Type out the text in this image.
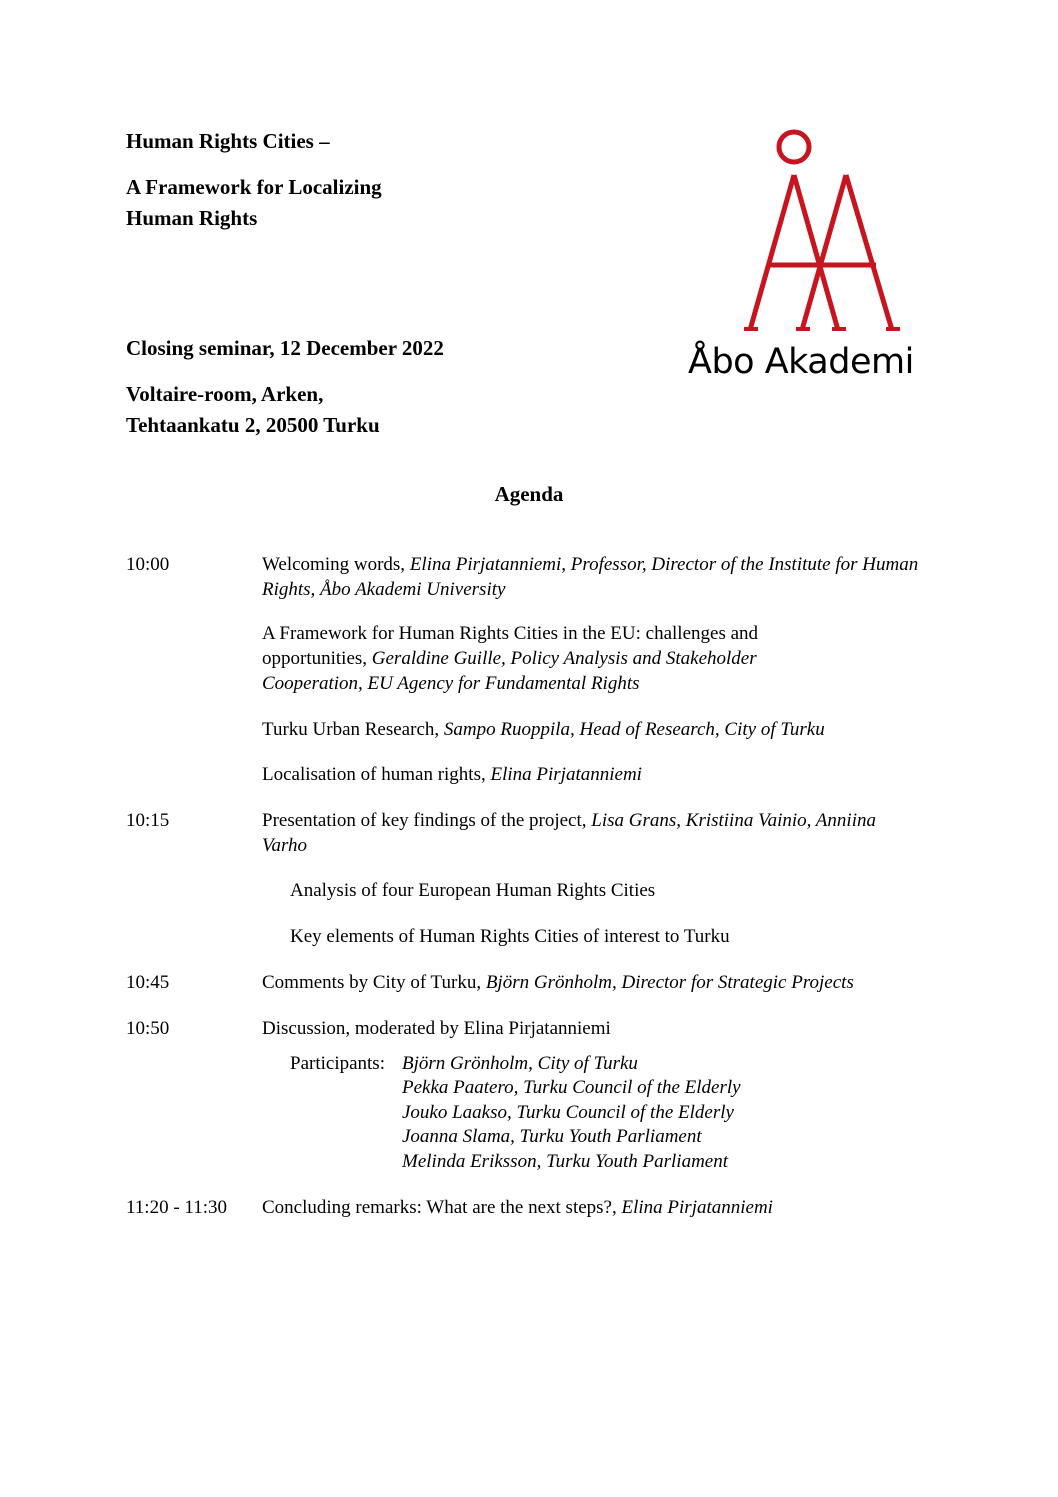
Human Rights Cities –
A Framework for Localizing
Human Rights
Closing seminar, 12 December 2022
Voltaire-room, Arken,
Tehtaankatu 2, 20500 Turku
Åbo Akademi
Agenda
10:00	Welcoming words, Elina Pirjatanniemi, Professor, Director of the Institute for Human Rights, Åbo Akademi University
A Framework for Human Rights Cities in the EU: challenges and opportunities, Geraldine Guille, Policy Analysis and Stakeholder Cooperation, EU Agency for Fundamental Rights
Turku Urban Research, Sampo Ruoppila, Head of Research, City of Turku
Localisation of human rights, Elina Pirjatanniemi
10:15	Presentation of key findings of the project, Lisa Grans, Kristiina Vainio, Anniina Varho
Analysis of four European Human Rights Cities
Key elements of Human Rights Cities of interest to Turku
10:45	Comments by City of Turku, Björn Grönholm, Director for Strategic Projects
10:50	Discussion, moderated by Elina Pirjatanniemi
Participants: Björn Grönholm, City of Turku
Pekka Paatero, Turku Council of the Elderly
Jouko Laakso, Turku Council of the Elderly
Joanna Slama, Turku Youth Parliament
Melinda Eriksson, Turku Youth Parliament
11:20 - 11:30 Concluding remarks: What are the next steps?, Elina Pirjatanniemi
